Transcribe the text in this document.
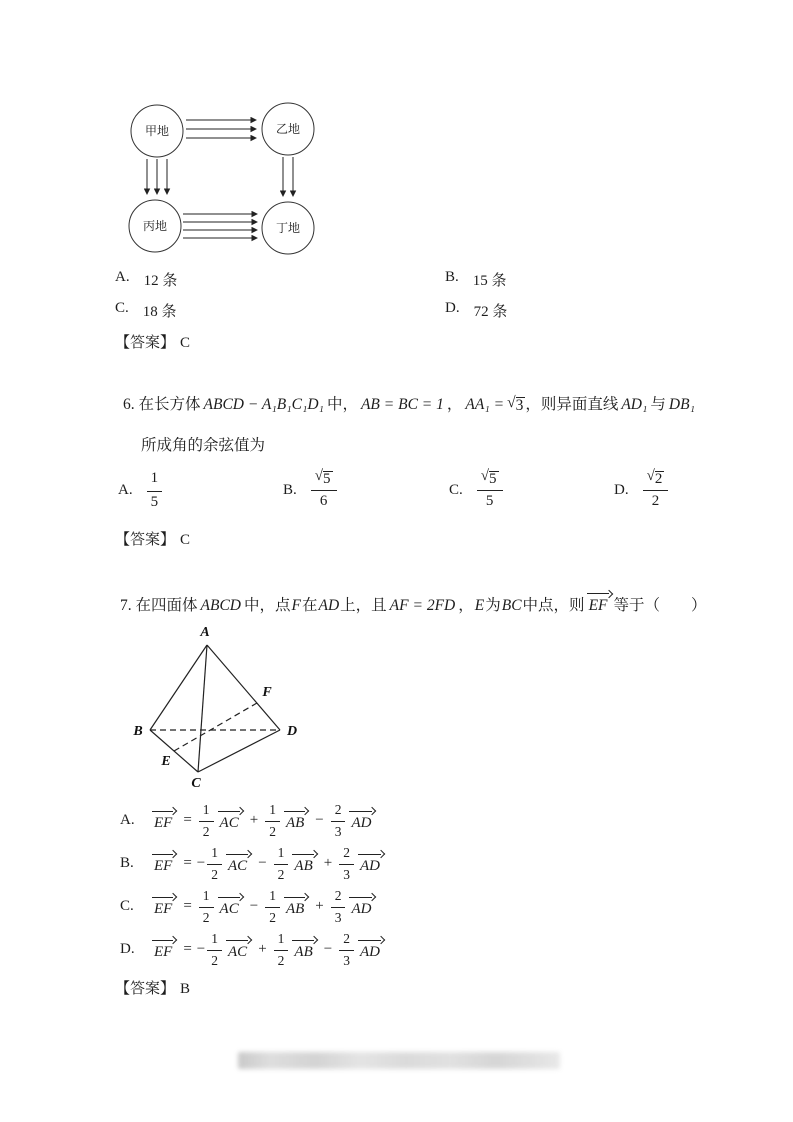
甲地	乙地
丙地	丁地
A. 12 条	B. 15 条
C. 18 条	D. 72 条
【答案】 C
6. 在长方体 ABCD − A₁B₁C₁D₁ 中， AB = BC = 1 ， AA₁ = √ 3 ，则异面直线 AD₁ 与 DB₁
所成角的余弦值为
A. $\frac{1}{5}$	B. $\frac{√ 5}{6}$	C. $\frac{√ 5}{5}$	D. $\frac{√ 2}{2}$
【答案】 C
7. 在四面体 ABCD 中，点F在AD上，且 AF = 2FD ，E为BC中点，则 EF 等于（　　）
A
B
C
D
E
F
A.	EF = $\frac{1}{2}$ AC + $\frac{1}{2}$ AB − $\frac{2}{3}$ AD
B.	EF = − $\frac{1}{2}$ AC − $\frac{1}{2}$ AB + $\frac{2}{3}$ AD
C.	EF = $\frac{1}{2}$ AC − $\frac{1}{2}$ AB + $\frac{2}{3}$ AD
D.	EF = − $\frac{1}{2}$ AC + $\frac{1}{2}$ AB − $\frac{2}{3}$ AD
【答案】 B
